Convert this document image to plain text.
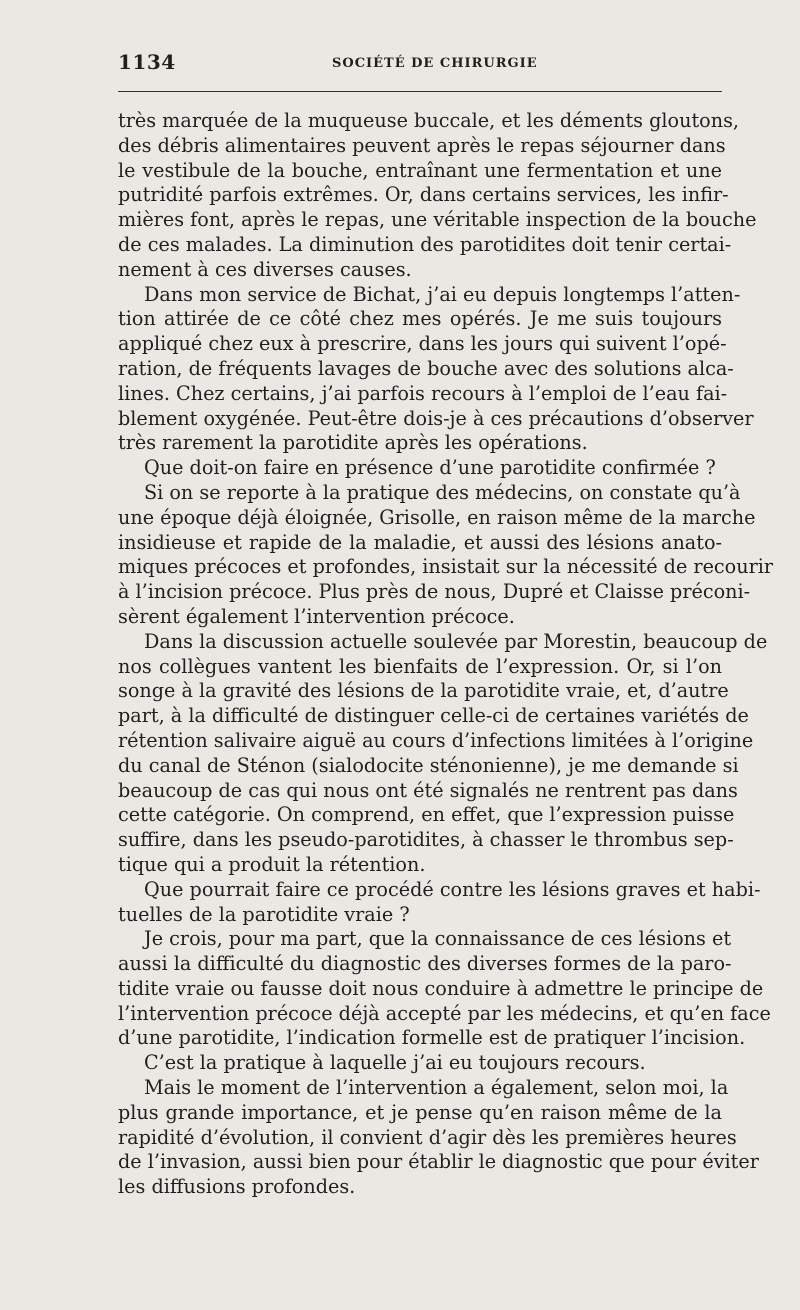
1134	SOCIÉTÉ DE CHIRURGIE
très marquée de la muqueuse buccale, et les déments gloutons,
des débris alimentaires peuvent après le repas séjourner dans
le vestibule de la bouche, entraînant une fermentation et une
putridité parfois extrêmes. Or, dans certains services, les infir-
mières font, après le repas, une véritable inspection de la bouche
de ces malades. La diminution des parotidites doit tenir certai-
nement à ces diverses causes.
Dans mon service de Bichat, j’ai eu depuis longtemps l’atten-
tion attirée de ce côté chez mes opérés. Je me suis toujours
appliqué chez eux à prescrire, dans les jours qui suivent l’opé-
ration, de fréquents lavages de bouche avec des solutions alca-
lines. Chez certains, j’ai parfois recours à l’emploi de l’eau fai-
blement oxygénée. Peut-être dois-je à ces précautions d’observer
très rarement la parotidite après les opérations.
Que doit-on faire en présence d’une parotidite confirmée ?
Si on se reporte à la pratique des médecins, on constate qu’à
une époque déjà éloignée, Grisolle, en raison même de la marche
insidieuse et rapide de la maladie, et aussi des lésions anato-
miques précoces et profondes, insistait sur la nécessité de recourir
à l’incision précoce. Plus près de nous, Dupré et Claisse préconi-
sèrent également l’intervention précoce.
Dans la discussion actuelle soulevée par Morestin, beaucoup de
nos collègues vantent les bienfaits de l’expression. Or, si l’on
songe à la gravité des lésions de la parotidite vraie, et, d’autre
part, à la difficulté de distinguer celle-ci de certaines variétés de
rétention salivaire aiguë au cours d’infections limitées à l’origine
du canal de Sténon (sialodocite sténonienne), je me demande si
beaucoup de cas qui nous ont été signalés ne rentrent pas dans
cette catégorie. On comprend, en effet, que l’expression puisse
suffire, dans les pseudo-parotidites, à chasser le thrombus sep-
tique qui a produit la rétention.
Que pourrait faire ce procédé contre les lésions graves et habi-
tuelles de la parotidite vraie ?
Je crois, pour ma part, que la connaissance de ces lésions et
aussi la difficulté du diagnostic des diverses formes de la paro-
tidite vraie ou fausse doit nous conduire à admettre le principe de
l’intervention précoce déjà accepté par les médecins, et qu’en face
d’une parotidite, l’indication formelle est de pratiquer l’incision.
C’est la pratique à laquelle j’ai eu toujours recours.
Mais le moment de l’intervention a également, selon moi, la
plus grande importance, et je pense qu’en raison même de la
rapidité d’évolution, il convient d’agir dès les premières heures
de l’invasion, aussi bien pour établir le diagnostic que pour éviter
les diffusions profondes.
